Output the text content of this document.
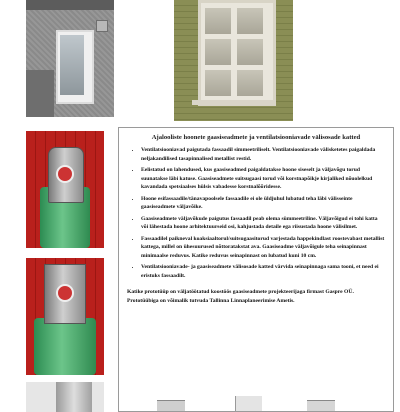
Ajalooliste hoonete gaasiseadmete ja ventilatsiooniavade välisosade katted

• Ventilatsiooniavad paigutada fassaadil simmeetriliselt. Ventilatsiooniavade välisketetes paigaldada neljakandilised tasapinnalised metallist restid.
• Eelistatud on lahendused, kus gaasiseadmed paigaldatakse hoone siseselt ja väljavõgu torud suunatakse läbi katuse. Gaasiseadmete suitsugaasi torud või korstnapõikje kirjaliked nõuolelkud kavandada spetsiaalses hülsis vabadesse korstnalõõridesse.
• Hoone esifassaadile/tänavapoolsele fassaadile ei ole üldjuhul lubatud teha läbi välisseinte gaasiseadmete väljavõike.
• Gaasiseadmete väljavõkude paigutus fassaadil peab olema sümmeetriline. Väljavõigud ei tohi katta või lähestada hoone arhitektuurseid osi, kahjustada detaile ega riisustada hoone välisilmet.
• Fassaadilel paikneval koaksiaaltorul/suitsugaasitorud varjestada happekindlast roostevabast metallist kattega, millel on ühesuurused nõttoratakstat ava. Gaasiseadme väljavõigule teha seinapinnast minimaalse reduvus. Katike reduvus seinapinnast on lubatud kuni 10 cm.
• Ventilatsiooniavade- ja gaasiseadmete välisosade katted värvida seinapinnaga sama tooni, et need ei eristuks fassaadilt.

Katike prototüüp on väljatöötatud koostöös gaasiseadmete projekteerijaga firmast Gaspre OÜ. Prototüübiga on võimalik tutvuda Tallinna Linnaplaneerimise Ametis.
